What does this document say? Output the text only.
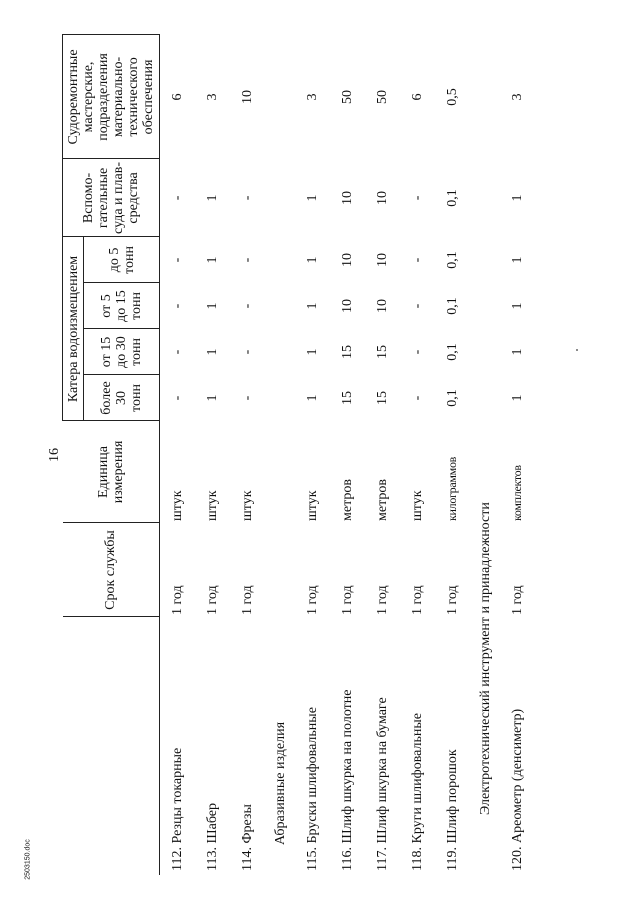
16
2503150.doc
	Срок службы	Единица измерения	Катера водоизмещением				Вспомо-гательные суда и плав-средства	Судоремонтные мастерские, подразделения материально-технического обеспечения
			более 30 тонн	от 15 до 30 тонн	от 5 до 15 тонн	до 5 тонн		
112. Резцы токарные	1 год	штук	-	-	-	-	-	6
113. Шабер	1 год	штук	1	1	1	1	1	3
114. Фрезы	1 год	штук	-	-	-	-	-	10
Абразивные изделия								
115. Бруски шлифовальные	1 год	штук	1	1	1	1	1	3
116. Шлиф шкурка на полотне	1 год	метров	15	15	10	10	10	50
117. Шлиф шкурка на бумаге	1 год	метров	15	15	10	10	10	50
118. Круги шлифовальные	1 год	штук	-	-	-	-	-	6
119. Шлиф порошок	1 год	килограммов	0,1	0,1	0,1	0,1	0,1	0,5
Электротехнический инструмент и принадлежности								
120. Ареометр (денсиметр)	1 год	комплектов	1	1	1	1	1	3
